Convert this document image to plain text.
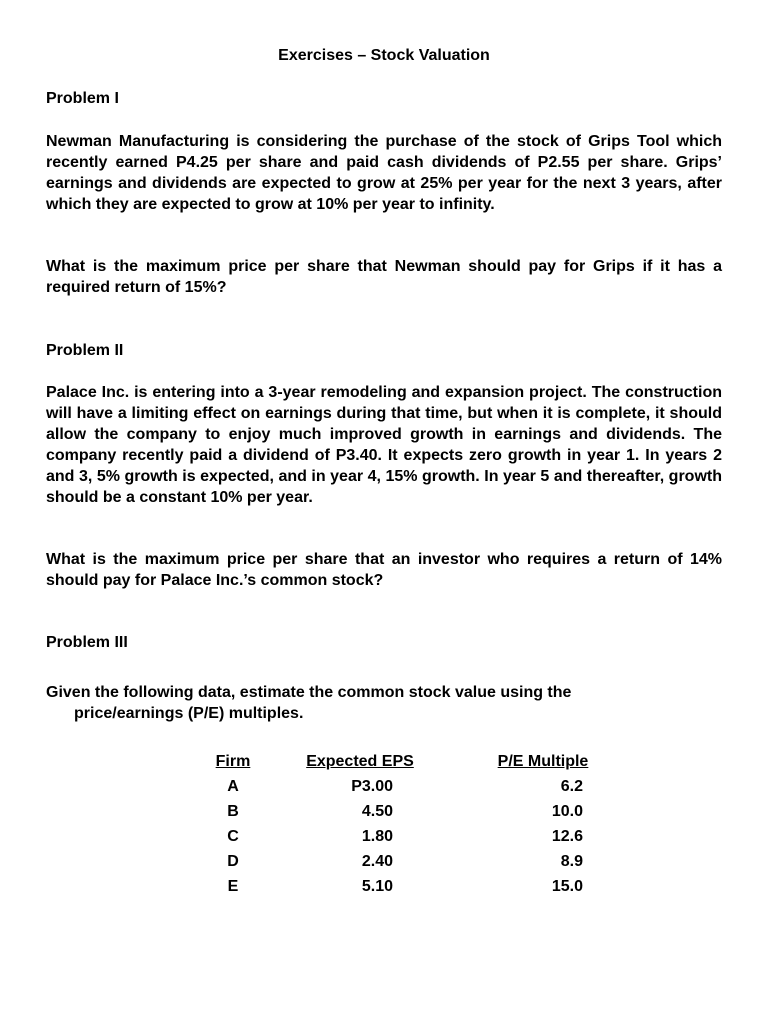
Exercises – Stock Valuation
Problem I

Newman Manufacturing is considering the purchase of the stock of Grips Tool which recently earned P4.25 per share and paid cash dividends of P2.55 per share. Grips’ earnings and dividends are expected to grow at 25% per year for the next 3 years, after which they are expected to grow at 10% per year to infinity.

What is the maximum price per share that Newman should pay for Grips if it has a required return of 15%?

Problem II

Palace Inc. is entering into a 3-year remodeling and expansion project. The construction will have a limiting effect on earnings during that time, but when it is complete, it should allow the company to enjoy much improved growth in earnings and dividends. The company recently paid a dividend of P3.40. It expects zero growth in year 1. In years 2 and 3, 5% growth is expected, and in year 4, 15% growth. In year 5 and thereafter, growth should be a constant 10% per year.

What is the maximum price per share that an investor who requires a return of 14% should pay for Palace Inc.’s common stock?

Problem III
Given the following data, estimate the common stock value using the
price/earnings (P/E) multiples.
Firm	Expected EPS	P/E Multiple
A	P3.00	6.2
B	4.50	10.0
C	1.80	12.6
D	2.40	8.9
E	5.10	15.0
